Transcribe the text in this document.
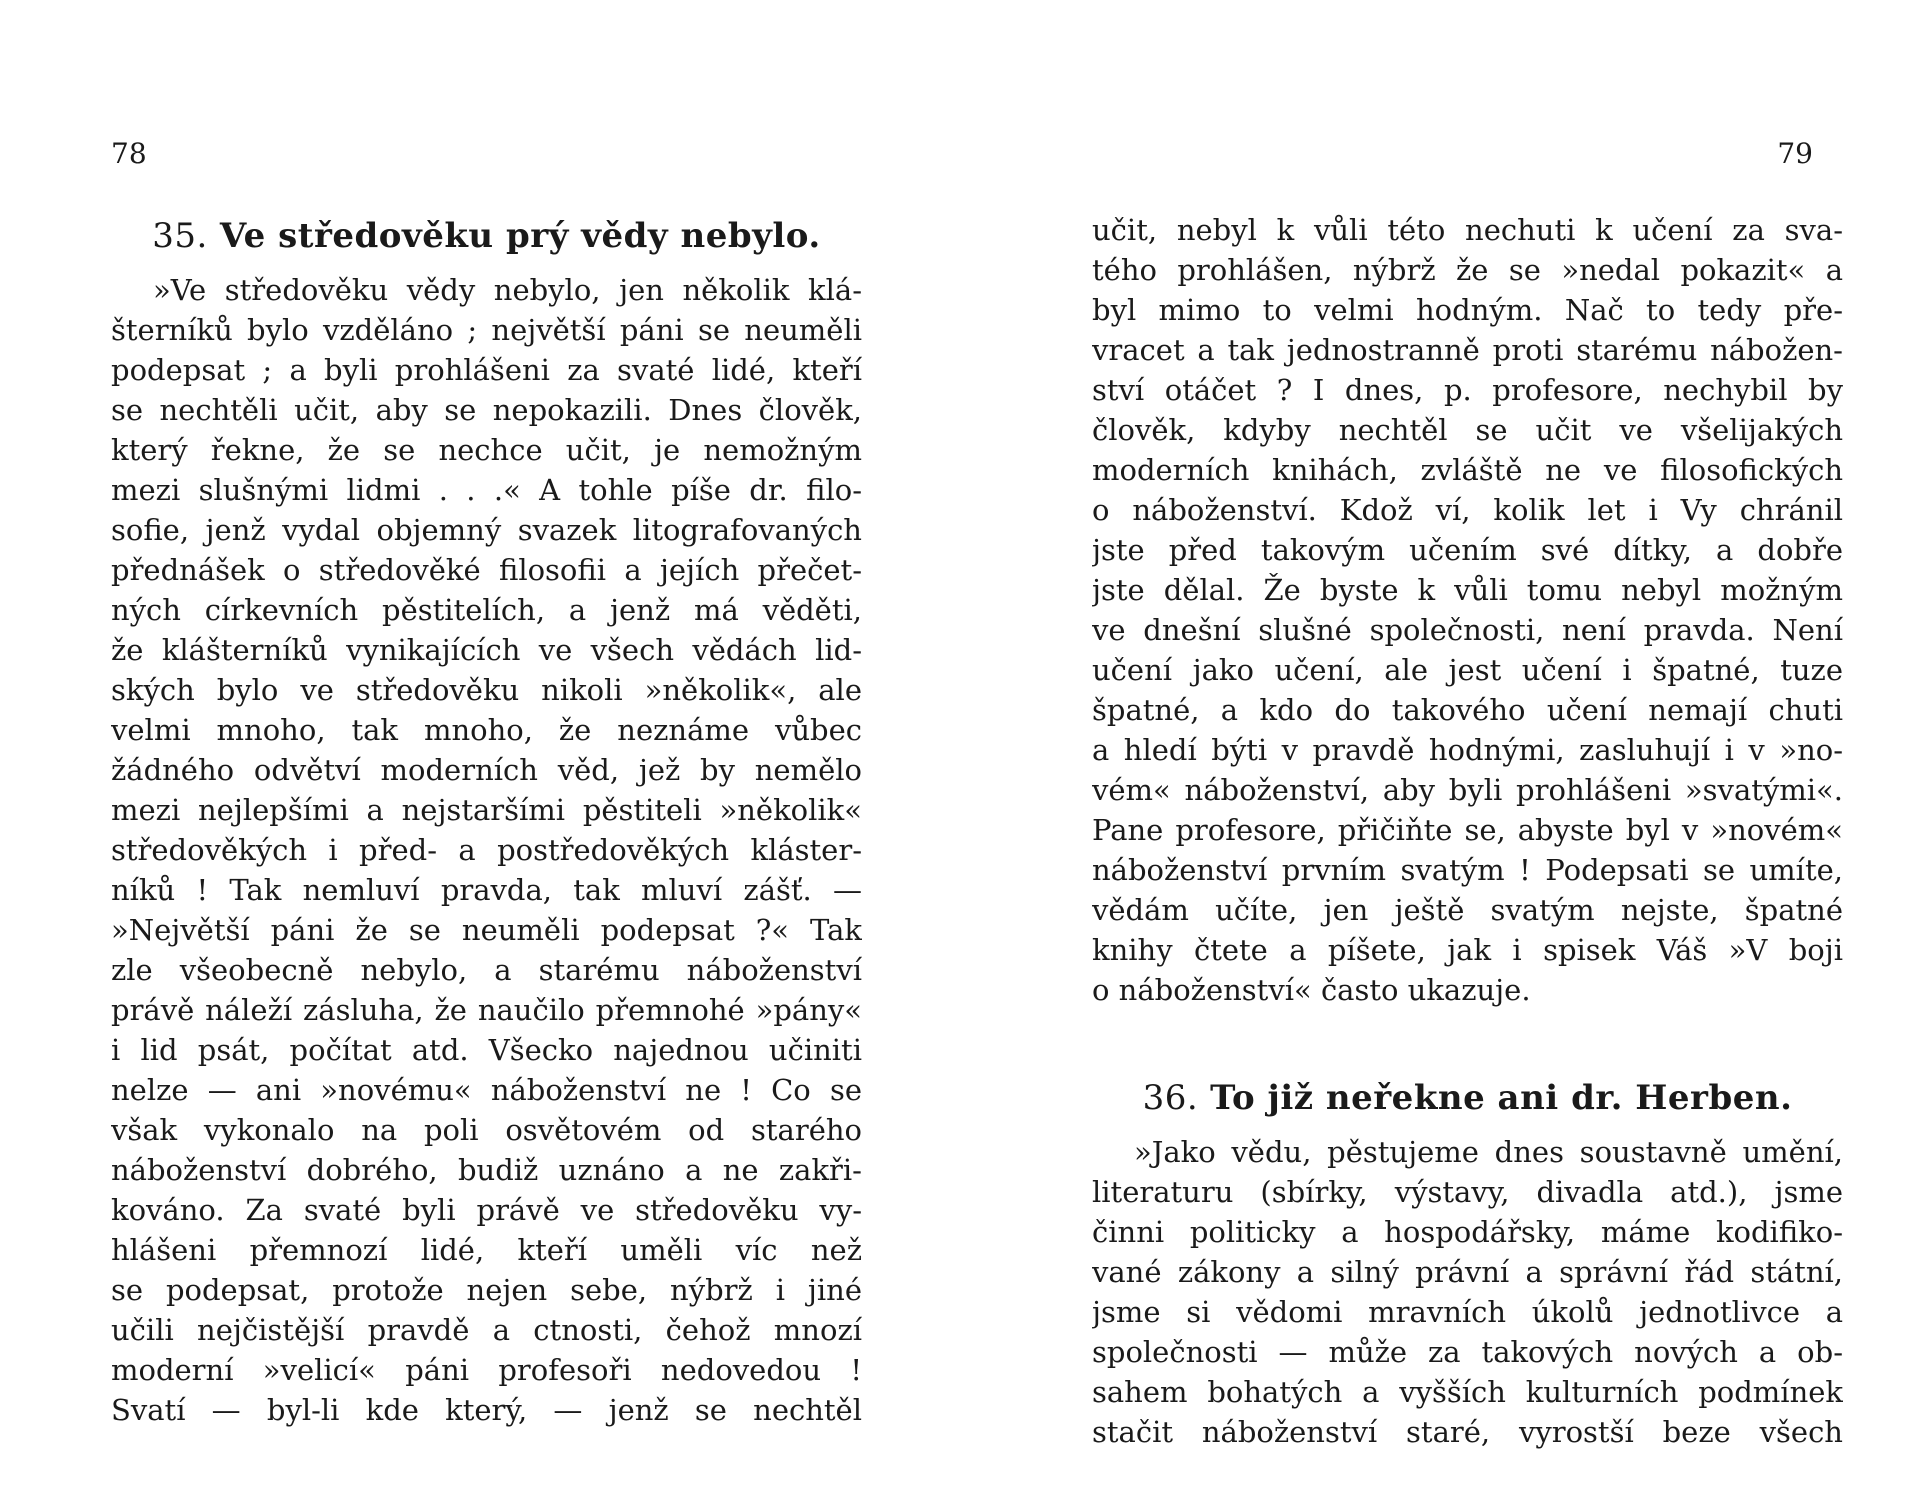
78
35. Ve středověku prý vědy nebylo.
»Ve středověku vědy nebylo, jen několik klá-
šterníků bylo vzděláno ; největší páni se neuměli
podepsat ; a byli prohlášeni za svaté lidé, kteří
se nechtěli učit, aby se nepokazili. Dnes člověk,
který řekne, že se nechce učit, je nemožným
mezi slušnými lidmi . . .« A tohle píše dr. filo-
sofie, jenž vydal objemný svazek litografovaných
přednášek o středověké filosofii a jejích přečet-
ných církevních pěstitelích, a jenž má věděti,
že klášterníků vynikajících ve všech vědách lid-
ských bylo ve středověku nikoli »několik«, ale
velmi mnoho, tak mnoho, že neznáme vůbec
žádného odvětví moderních věd, jež by nemělo
mezi nejlepšími a nejstaršími pěstiteli »několik«
středověkých i před- a postředověkých kláster-
níků ! Tak nemluví pravda, tak mluví zášť. —
»Největší páni že se neuměli podepsat ?« Tak
zle všeobecně nebylo, a starému náboženství
právě náleží zásluha, že naučilo přemnohé »pány«
i lid psát, počítat atd. Všecko najednou učiniti
nelze — ani »novému« náboženství ne ! Co se
však vykonalo na poli osvětovém od starého
náboženství dobrého, budiž uznáno a ne zakři-
kováno. Za svaté byli právě ve středověku vy-
hlášeni přemnozí lidé, kteří uměli víc než
se podepsat, protože nejen sebe, nýbrž i jiné
učili nejčistější pravdě a ctnosti, čehož mnozí
moderní »velicí« páni profesoři nedovedou !
Svatí — byl-li kde který, — jenž se nechtěl
79
učit, nebyl k vůli této nechuti k učení za sva-
tého prohlášen, nýbrž že se »nedal pokazit« a
byl mimo to velmi hodným. Nač to tedy pře-
vracet a tak jednostranně proti starému nábožen-
ství otáčet ? I dnes, p. profesore, nechybil by
člověk, kdyby nechtěl se učit ve všelijakých
moderních knihách, zvláště ne ve filosofických
o náboženství. Kdož ví, kolik let i Vy chránil
jste před takovým učením své dítky, a dobře
jste dělal. Že byste k vůli tomu nebyl možným
ve dnešní slušné společnosti, není pravda. Není
učení jako učení, ale jest učení i špatné, tuze
špatné, a kdo do takového učení nemají chuti
a hledí býti v pravdě hodnými, zasluhují i v »no-
vém« náboženství, aby byli prohlášeni »svatými«.
Pane profesore, přičiňte se, abyste byl v »novém«
náboženství prvním svatým ! Podepsati se umíte,
vědám učíte, jen ještě svatým nejste, špatné
knihy čtete a píšete, jak i spisek Váš »V boji
o náboženství« často ukazuje.
36. To již neřekne ani dr. Herben.
»Jako vědu, pěstujeme dnes soustavně umění,
literaturu (sbírky, výstavy, divadla atd.), jsme
činni politicky a hospodářsky, máme kodifiko-
vané zákony a silný právní a správní řád státní,
jsme si vědomi mravních úkolů jednotlivce a
společnosti — může za takových nových a ob-
sahem bohatých a vyšších kulturních podmínek
stačit náboženství staré, vyrostší beze všech
